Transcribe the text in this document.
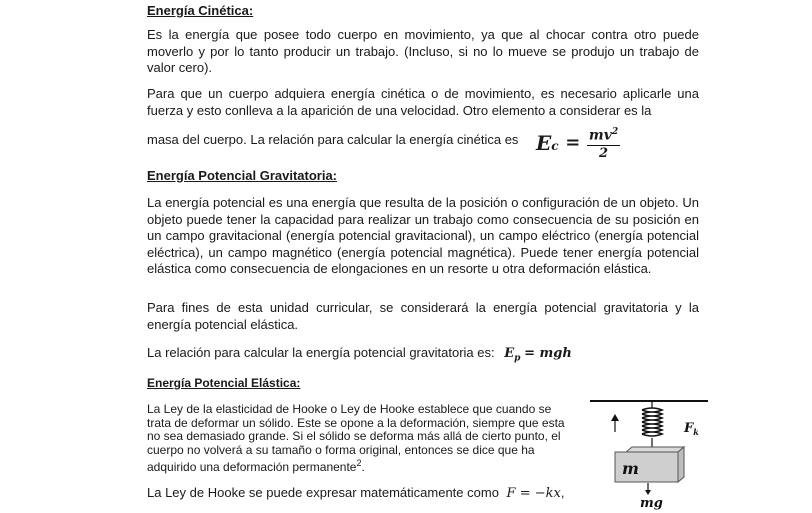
Energía Cinética:

Es la energía que posee todo cuerpo en movimiento, ya que al chocar contra otro puede moverlo y por lo tanto producir un trabajo. (Incluso, si no lo mueve se produjo un trabajo de valor cero).

Para que un cuerpo adquiera energía cinética o de movimiento, es necesario aplicarle una fuerza y esto conlleva a la aparición de una velocidad. Otro elemento a considerar es la

masa del cuerpo. La relación para calcular la energía cinética es $Ec = \frac{mv^2}{2}$
Energía Potencial Gravitatoria:

La energía potencial es una energía que resulta de la posición o configuración de un objeto. Un objeto puede tener la capacidad para realizar un trabajo como consecuencia de su posición en un campo gravitacional (energía potencial gravitacional), un campo eléctrico (energía potencial eléctrica), un campo magnético (energía potencial magnética). Puede tener energía potencial elástica como consecuencia de elongaciones en un resorte u otra deformación elástica.

Para fines de esta unidad curricular, se considerará la energía potencial gravitatoria y la energía potencial elástica.

La relación para calcular la energía potencial gravitatoria es: $E_p$ = mgh
Energía Potencial Elástica:

La Ley de la elasticidad de Hooke o Ley de Hooke establece que cuando se trata de deformar un sólido. Este se opone a la deformación, siempre que esta no sea demasiado grande. Si el sólido se deforma más allá de cierto punto, el cuerpo no volverá a su tamaño o forma original, entonces se dice que ha adquirido una deformación permanente$^2$.

La Ley de Hooke se puede expresar matemáticamente como F = −kx,
m
$F_k$
mg
